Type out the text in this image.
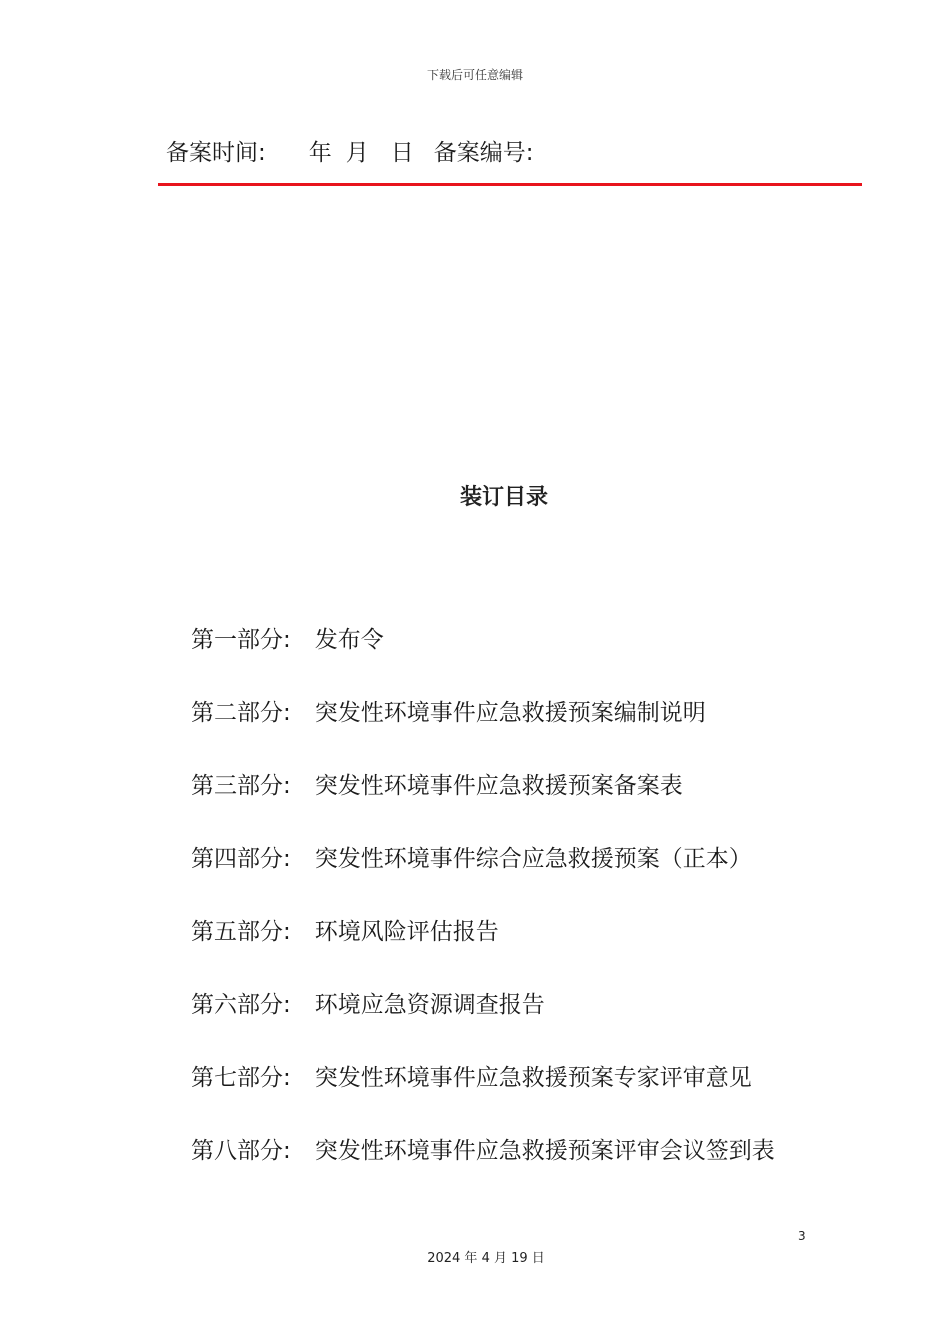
下载后可任意编辑
备案时间: 年 月 日 备案编号:
装订目录
第一部分: 发布令
第二部分: 突发性环境事件应急救援预案编制说明
第三部分: 突发性环境事件应急救援预案备案表
第四部分: 突发性环境事件综合应急救援预案（正本）
第五部分: 环境风险评估报告
第六部分: 环境应急资源调查报告
第七部分: 突发性环境事件应急救援预案专家评审意见
第八部分: 突发性环境事件应急救援预案评审会议签到表
3
2024 年 4 月 19 日
